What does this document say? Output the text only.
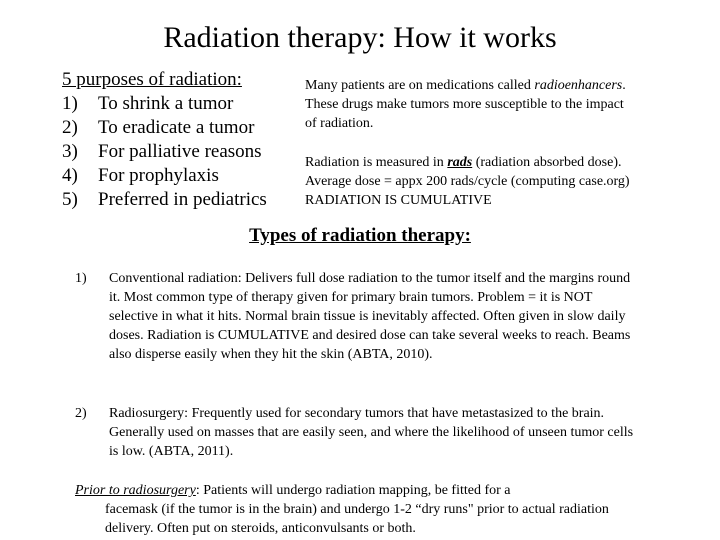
Radiation therapy: How it works
5 purposes of radiation:
1)	To shrink a tumor
2)	To eradicate a tumor
3)	For palliative reasons
4)	For prophylaxis
5)	Preferred in pediatrics
Many patients are on medications called radioenhancers. These drugs make tumors more susceptible to the impact of radiation.
Radiation is measured in rads (radiation absorbed dose).
Average dose = appx 200 rads/cycle (computing case.org)
RADIATION IS CUMULATIVE
Types of radiation therapy:
1)	Conventional radiation: Delivers full dose radiation to the tumor itself and the margins round it. Most common type of therapy given for primary brain tumors. Problem = it is NOT selective in what it hits. Normal brain tissue is inevitably affected. Often given in slow daily doses. Radiation is CUMULATIVE and desired dose can take several weeks to reach. Beams also disperse easily when they hit the skin (ABTA, 2010).
2)	Radiosurgery: Frequently used for secondary tumors that have metastasized to the brain. Generally used on masses that are easily seen, and where the likelihood of unseen tumor cells is low. (ABTA, 2011).
Prior to radiosurgery: Patients will undergo radiation mapping, be fitted for a
facemask (if the tumor is in the brain) and undergo 1-2 “dry runs" prior to actual radiation delivery. Often put on steroids, anticonvulsants or both.
